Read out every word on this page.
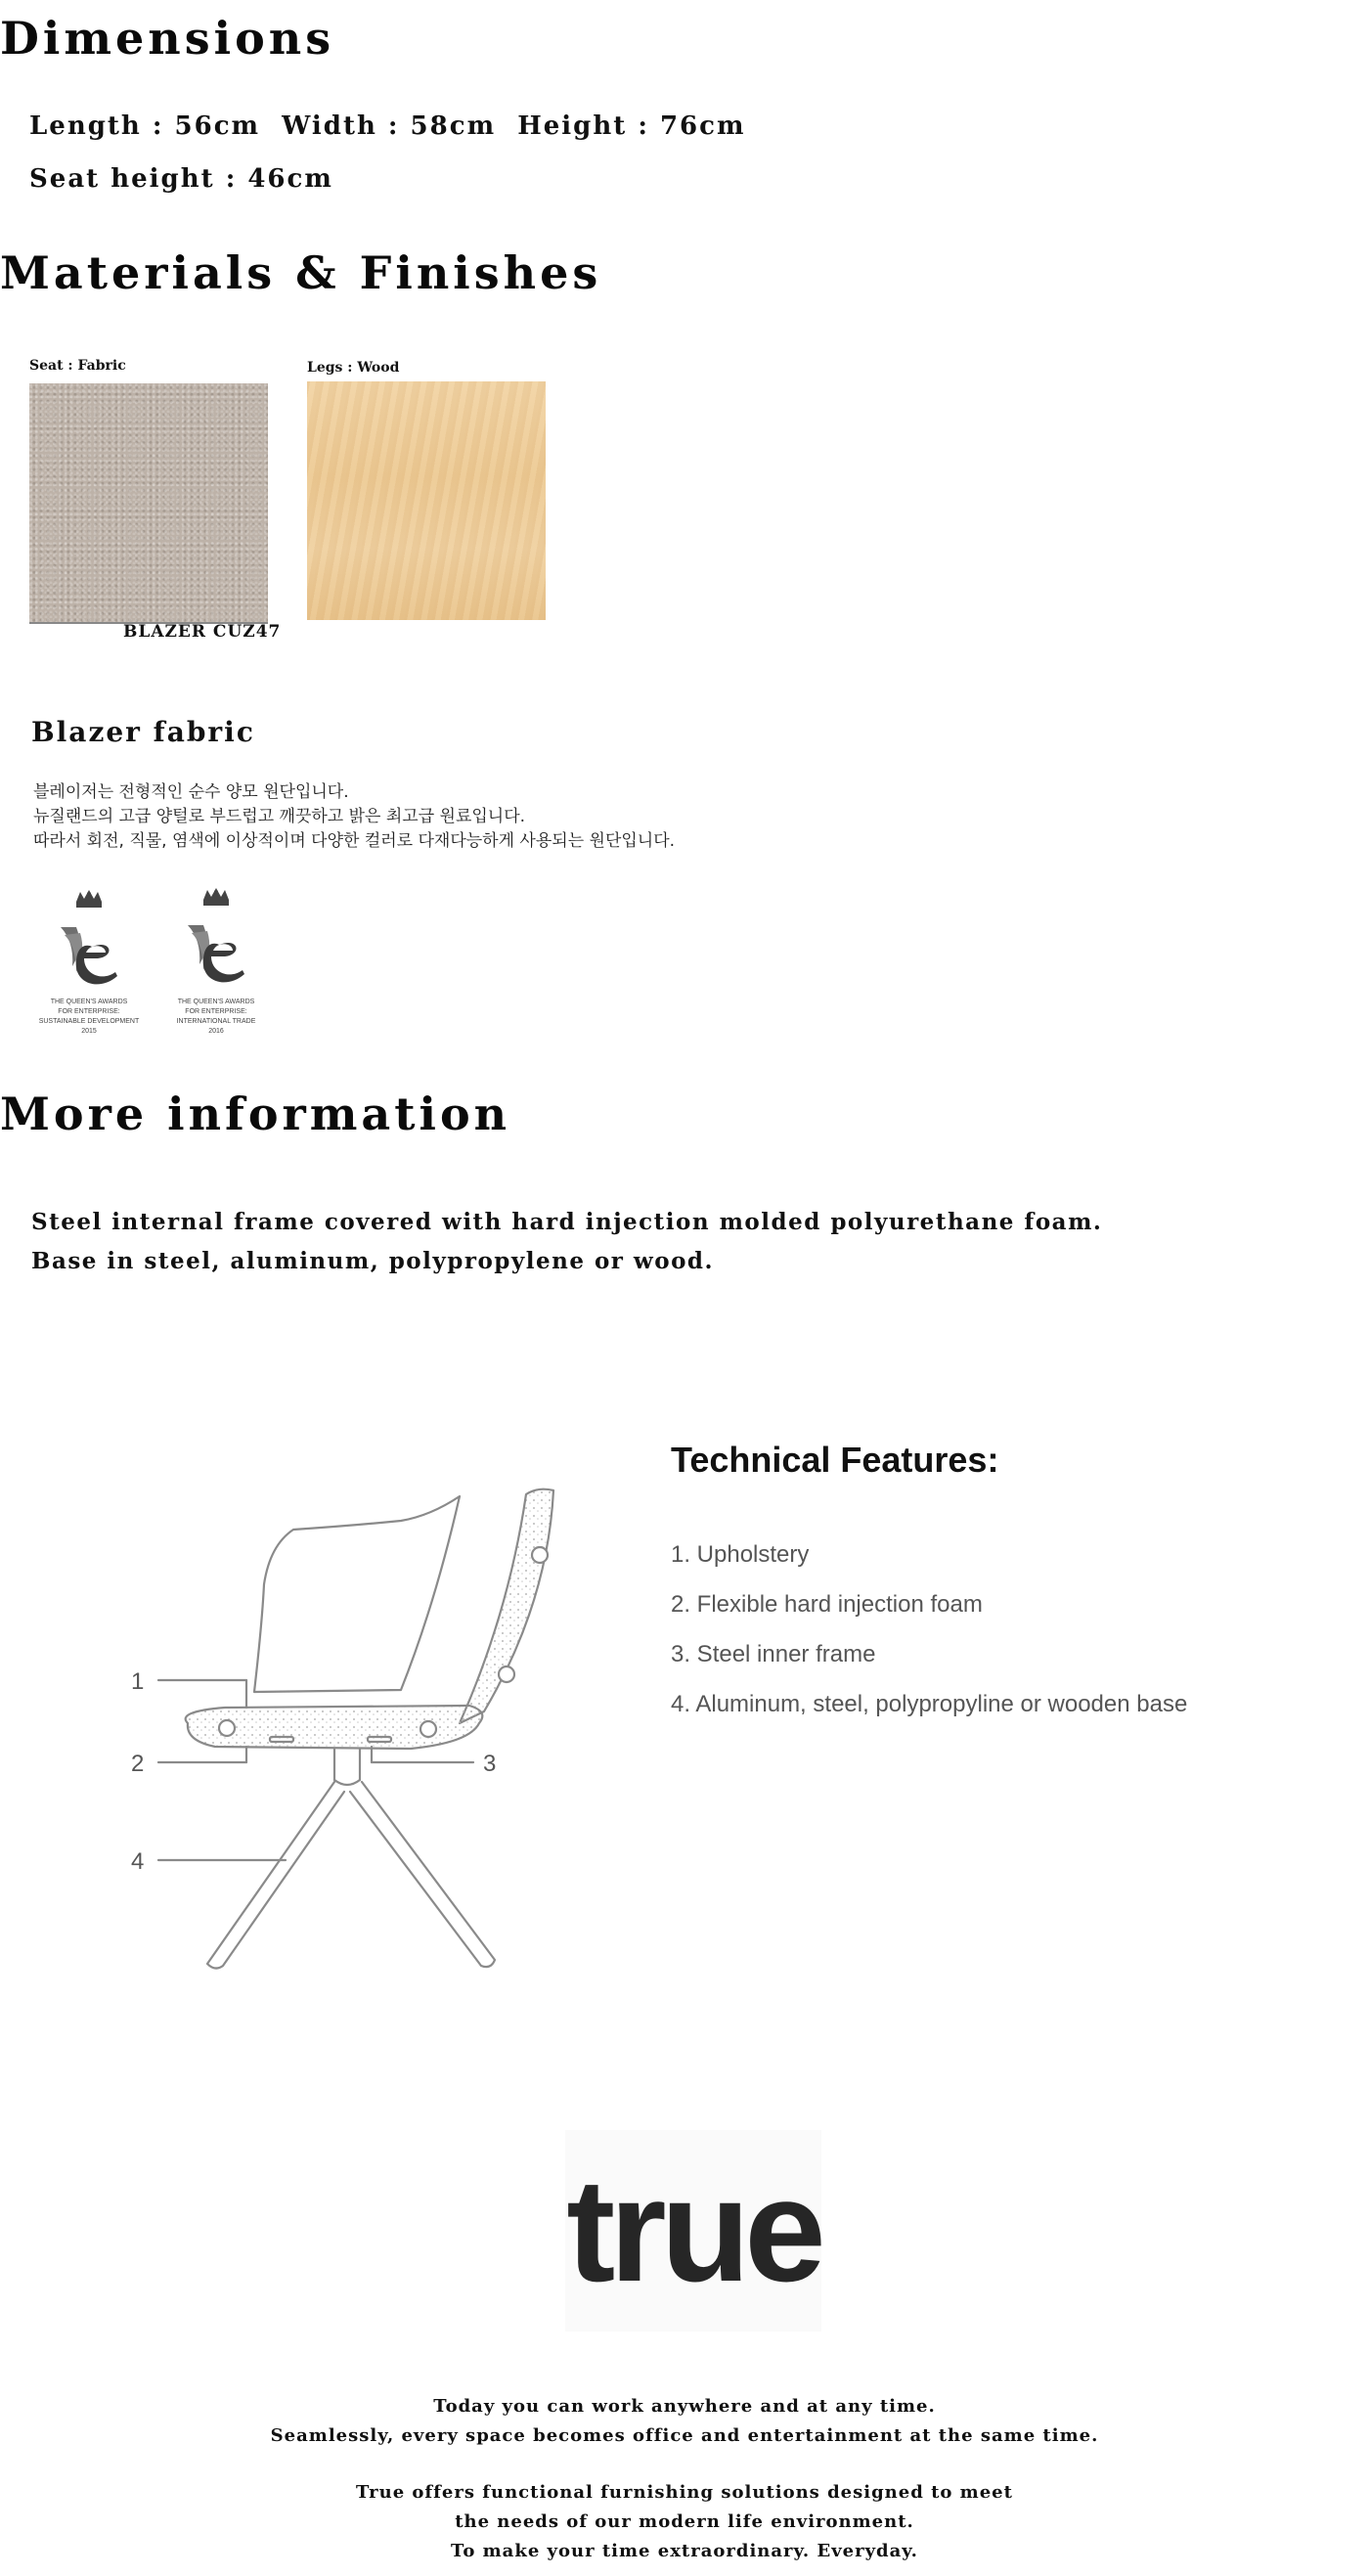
Dimensions
Length : 56cm  Width : 58cm  Height : 76cm
Seat height : 46cm
Materials & Finishes
Seat : Fabric
BLAZER CUZ47
Legs : Wood
Blazer fabric
블레이저는 전형적인 순수 양모 원단입니다.
뉴질랜드의 고급 양털로 부드럽고 깨끗하고 밝은 최고급 원료입니다.
따라서 회전, 직물, 염색에 이상적이며 다양한 컬러로 다재다능하게 사용되는 원단입니다.
THE QUEEN'S AWARDS
FOR ENTERPRISE:
SUSTAINABLE DEVELOPMENT
2015
THE QUEEN'S AWARDS
FOR ENTERPRISE:
INTERNATIONAL TRADE
2016
More information
Steel internal frame covered with hard injection molded polyurethane foam.
Base in steel, aluminum, polypropylene or wood.
1
2	3
4
Technical Features:
1. Upholstery
2. Flexible hard injection foam
3. Steel inner frame
4. Aluminum, steel, polypropyline or wooden base
true
Today you can work anywhere and at any time.
Seamlessly, every space becomes office and entertainment at the same time.
True offers functional furnishing solutions designed to meet
the needs of our modern life environment.
To make your time extraordinary. Everyday.
